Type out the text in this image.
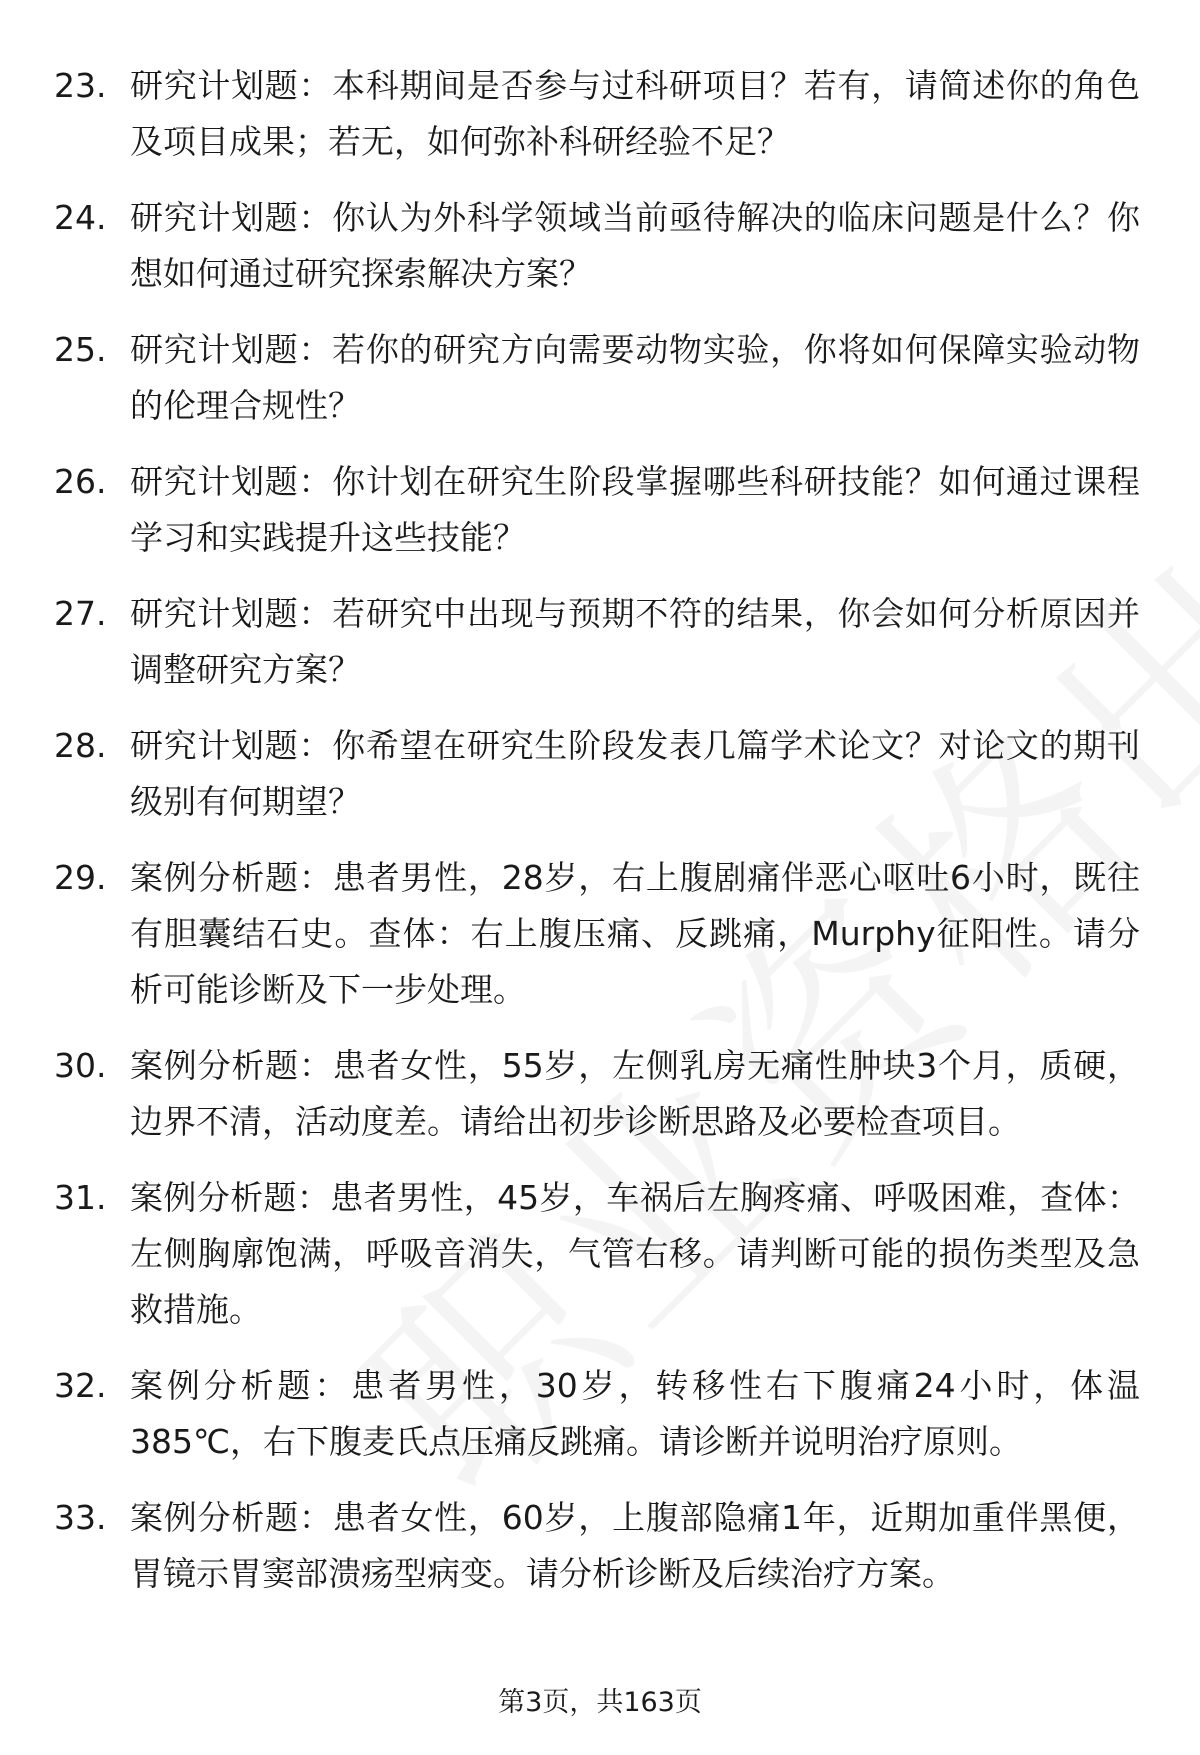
23. 研究计划题：本科期间是否参与过科研项目？若有，请简述你的角色及项目成果；若无，如何弥补科研经验不足？
24. 研究计划题：你认为外科学领域当前亟待解决的临床问题是什么？你想如何通过研究探索解决方案？
25. 研究计划题：若你的研究方向需要动物实验，你将如何保障实验动物的伦理合规性？
26. 研究计划题：你计划在研究生阶段掌握哪些科研技能？如何通过课程学习和实践提升这些技能？
27. 研究计划题：若研究中出现与预期不符的结果，你会如何分析原因并调整研究方案？
28. 研究计划题：你希望在研究生阶段发表几篇学术论文？对论文的期刊级别有何期望？
29. 案例分析题：患者男性，28岁，右上腹剧痛伴恶心呕吐6小时，既往有胆囊结石史。查体：右上腹压痛、反跳痛，Murphy征阳性。请分析可能诊断及下一步处理。
30. 案例分析题：患者女性，55岁，左侧乳房无痛性肿块3个月，质硬，边界不清，活动度差。请给出初步诊断思路及必要检查项目。
31. 案例分析题：患者男性，45岁，车祸后左胸疼痛、呼吸困难，查体：左侧胸廓饱满，呼吸音消失，气管右移。请判断可能的损伤类型及急救措施。
32. 案例分析题：患者男性，30岁，转移性右下腹痛24小时，体温385℃，右下腹麦氏点压痛反跳痛。请诊断并说明治疗原则。
33. 案例分析题：患者女性，60岁，上腹部隐痛1年，近期加重伴黑便，胃镜示胃窦部溃疡型病变。请分析诊断及后续治疗方案。
第3页，共163页
